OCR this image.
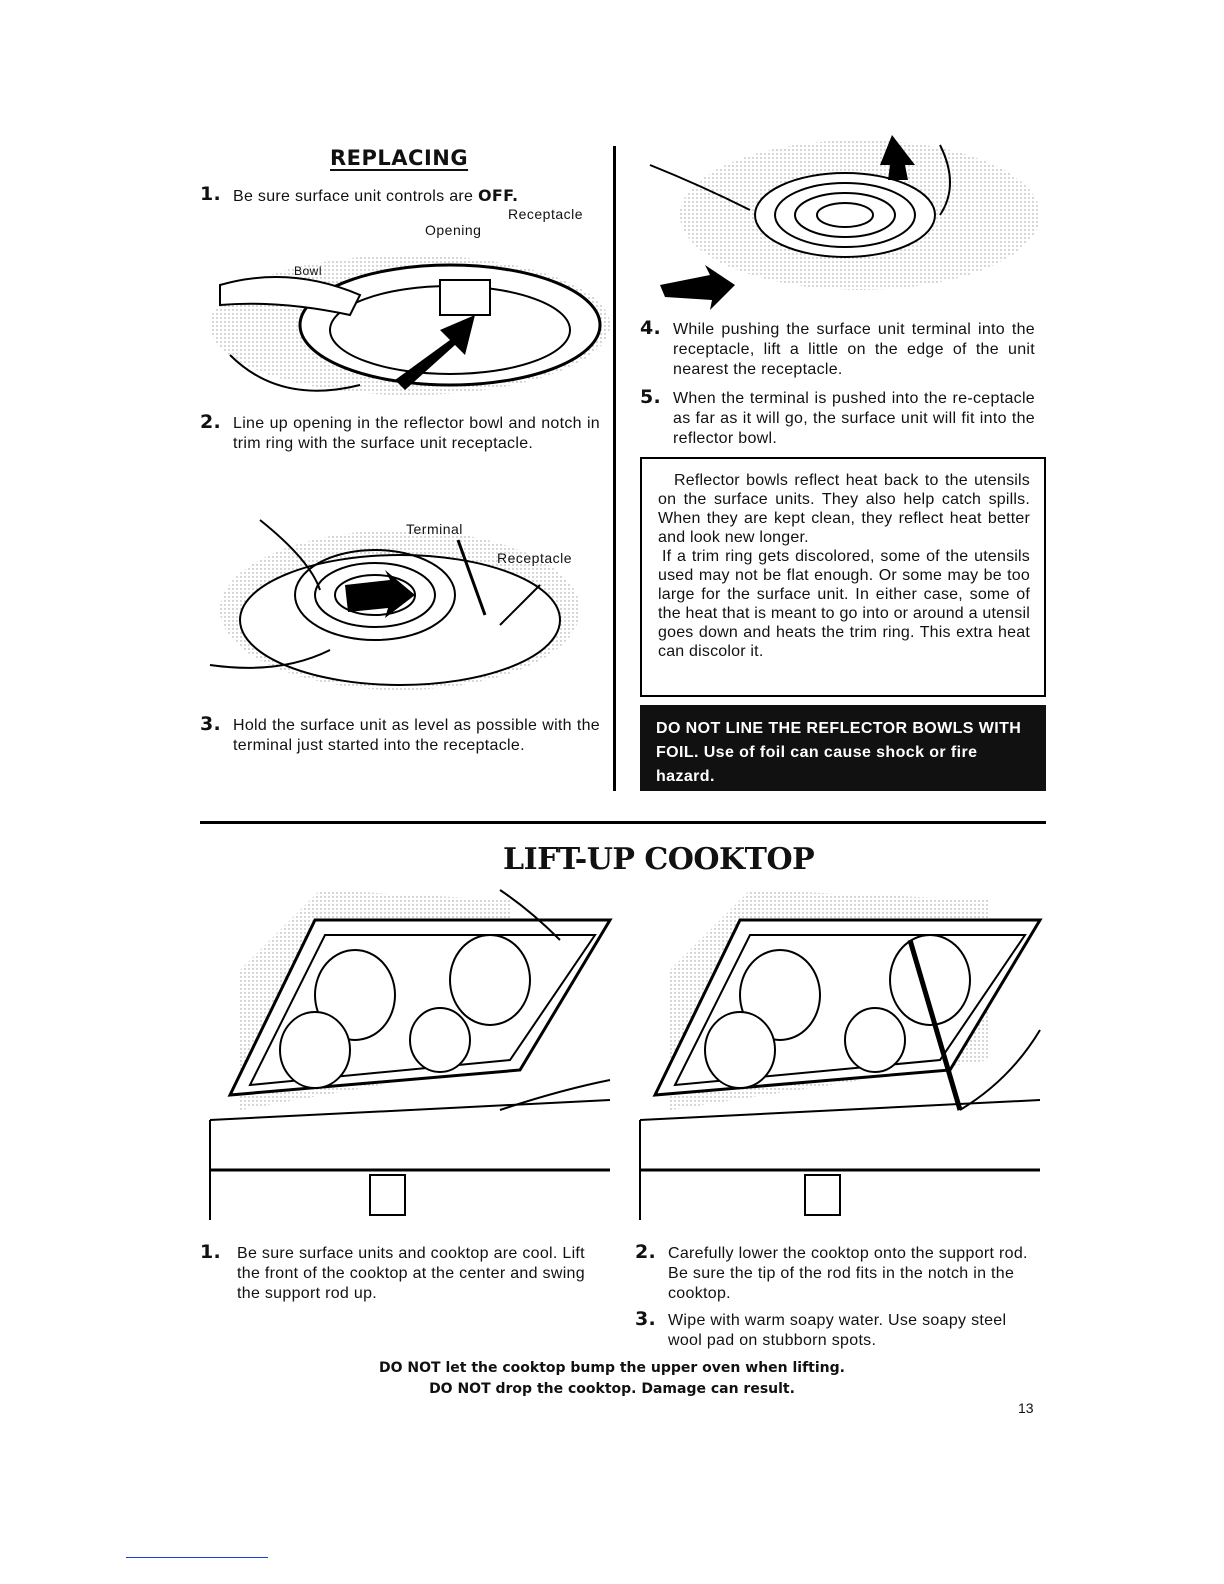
REPLACING
1. Be sure surface unit controls are OFF.
Receptacle
Opening
Bowl
2. Line up opening in the reflector bowl and notch in trim ring with the surface unit receptacle.
Terminal
Receptacle
3. Hold the surface unit as level as possible with the terminal just started into the receptacle.
4. While pushing the surface unit terminal into the receptacle, lift a little on the edge of the unit nearest the receptacle.
5. When the terminal is pushed into the re-ceptacle as far as it will go, the surface unit will fit into the reflector bowl.

Reflector bowls reflect heat back to the utensils on the surface units. They also help catch spills. When they are kept clean, they reflect heat better and look new longer.

If a trim ring gets discolored, some of the utensils used may not be flat enough. Or some may be too large for the surface unit. In either case, some of the heat that is meant to go into or around a utensil goes down and heats the trim ring. This extra heat can discolor it.

DO NOT LINE THE REFLECTOR BOWLS WITH FOIL. Use of foil can cause shock or fire hazard.
LIFT-UP COOKTOP
1. Be sure surface units and cooktop are cool. Lift the front of the cooktop at the center and swing the support rod up.
2. Carefully lower the cooktop onto the support rod. Be sure the tip of the rod fits in the notch in the cooktop.
3. Wipe with warm soapy water. Use soapy steel wool pad on stubborn spots.
DO NOT let the cooktop bump the upper oven when lifting.
DO NOT drop the cooktop. Damage can result.
13
